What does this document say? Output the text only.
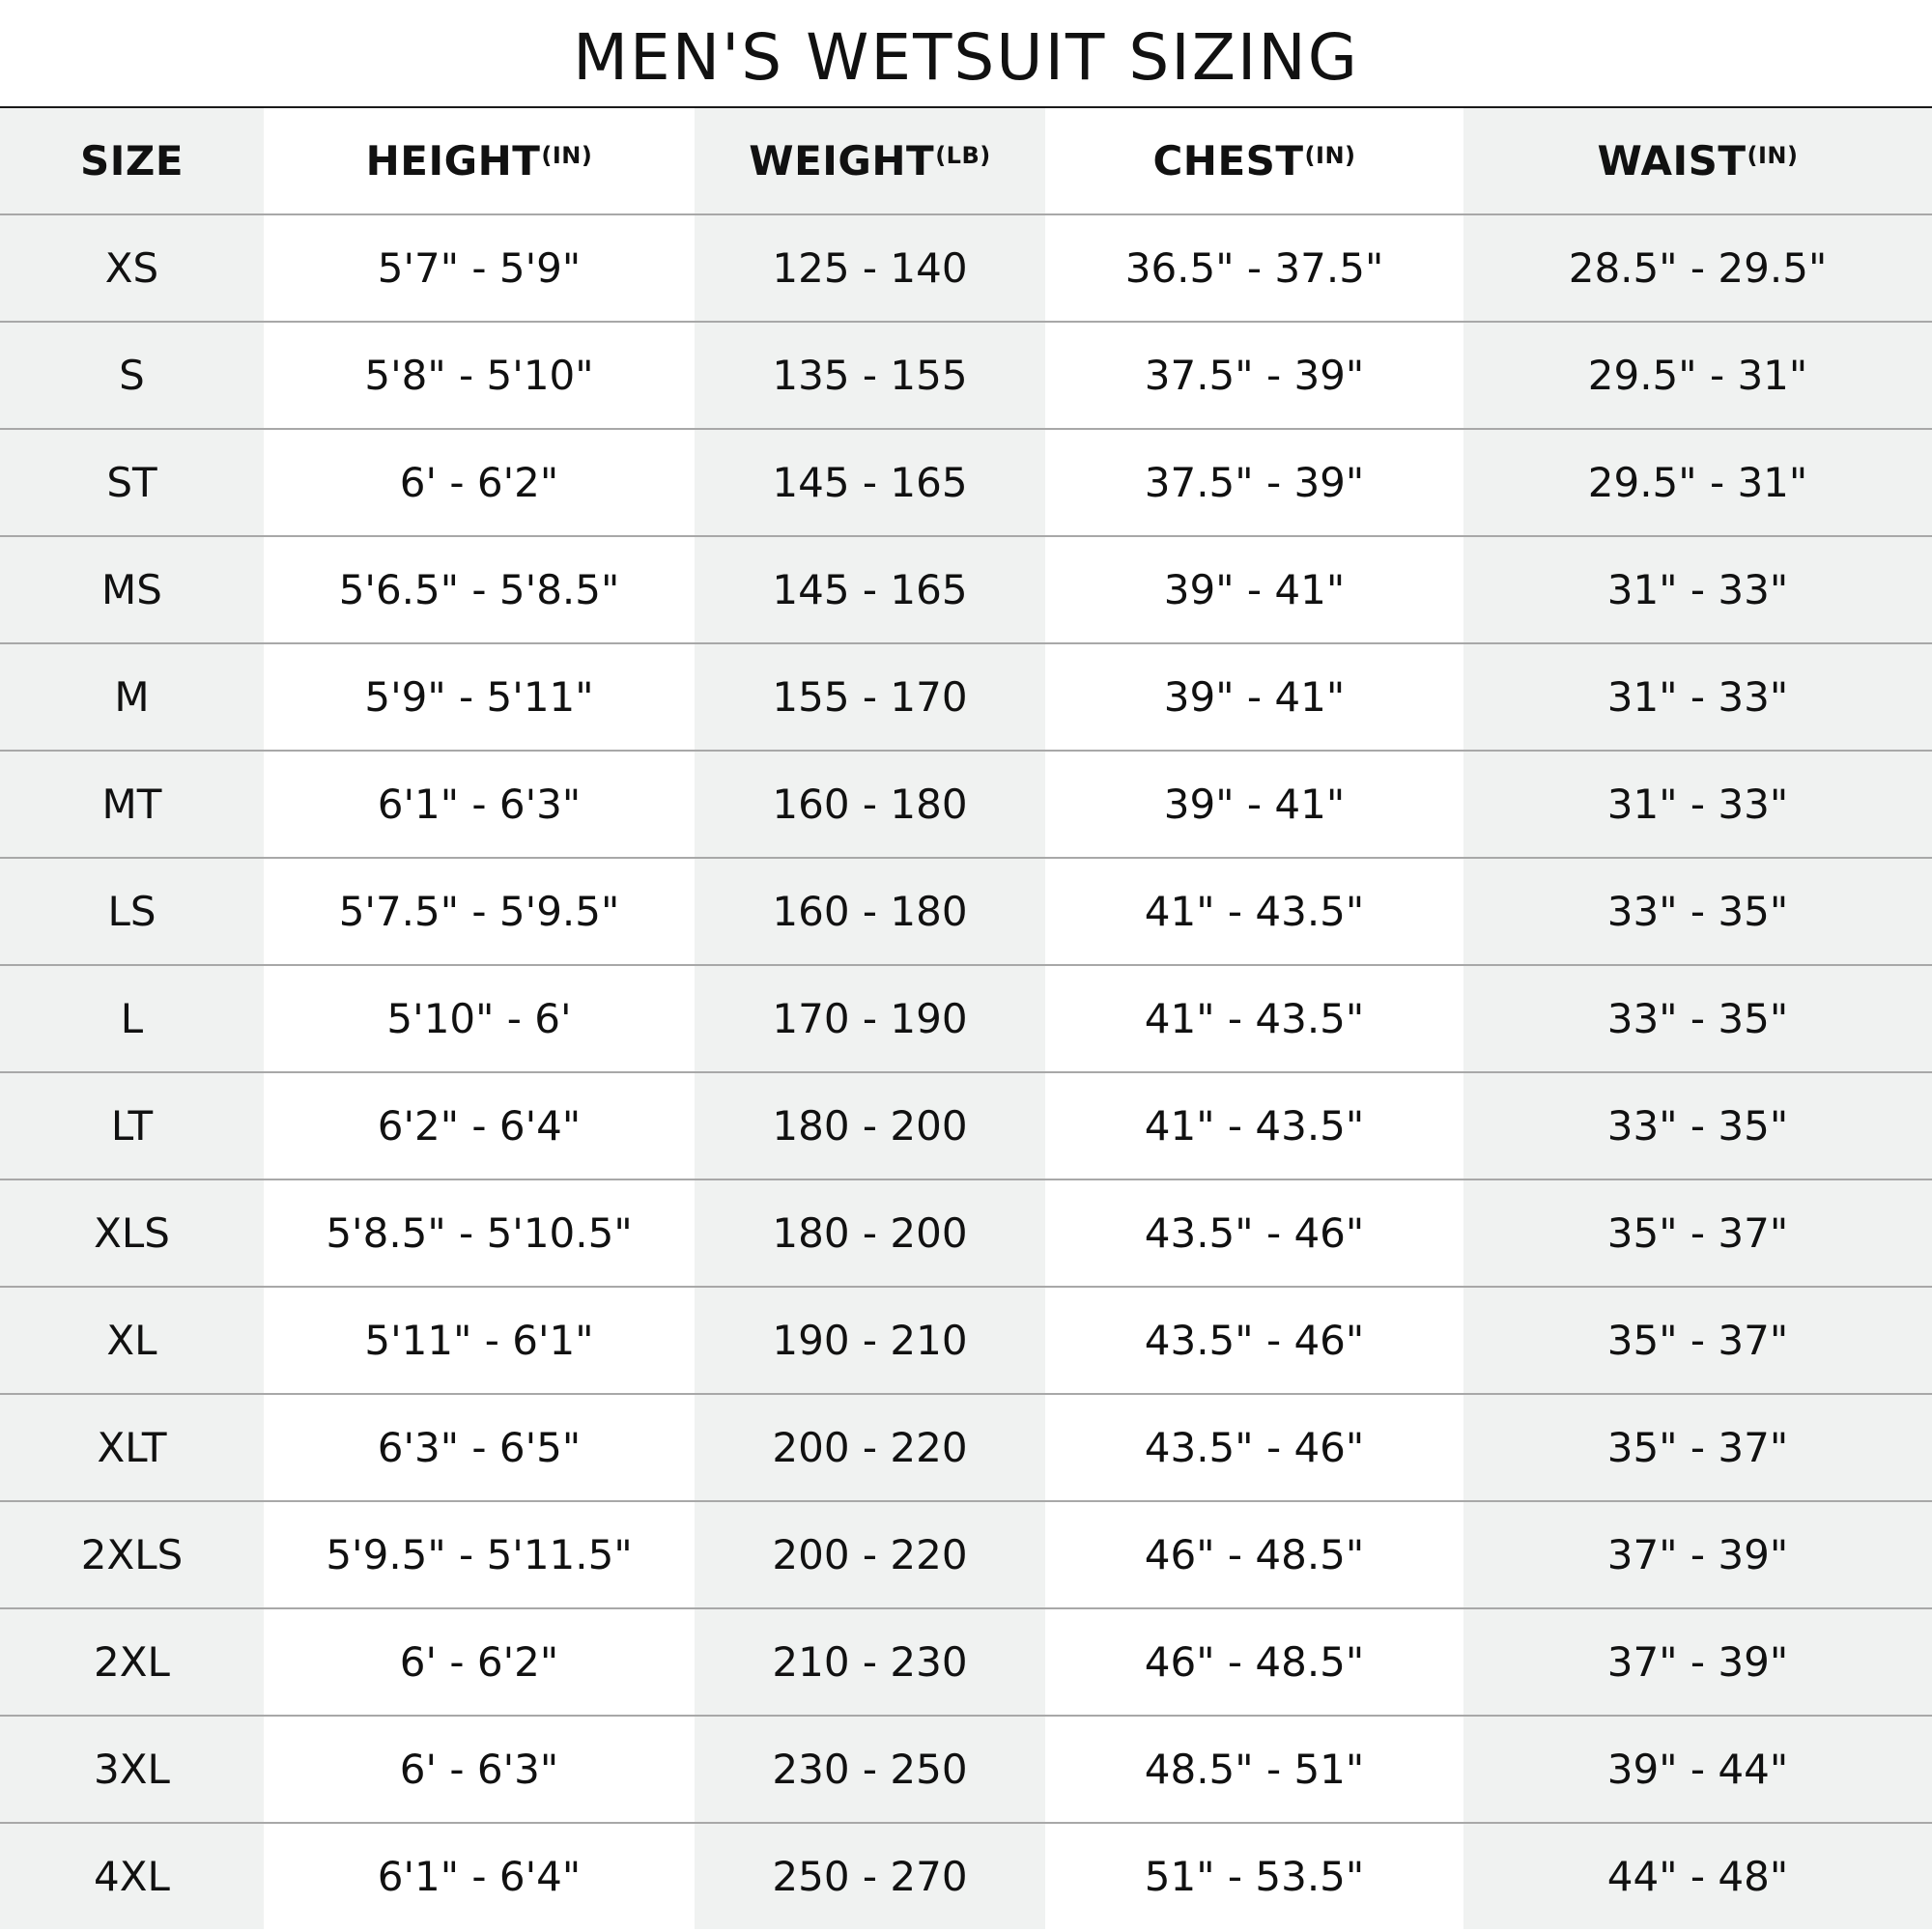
MEN'S WETSUIT SIZING
SIZE	$HEIGHT^{(IN)}$	$WEIGHT^{(LB)}$	$CHEST^{(IN)}$	$WAIST^{(IN)}$
XS	5'7" - 5'9"	125 - 140	36.5" - 37.5"	28.5" - 29.5"
S	5'8" - 5'10"	135 - 155	37.5" - 39"	29.5" - 31"
ST	6' - 6'2"	145 - 165	37.5" - 39"	29.5" - 31"
MS	5'6.5" - 5'8.5"	145 - 165	39" - 41"	31" - 33"
M	5'9" - 5'11"	155 - 170	39" - 41"	31" - 33"
MT	6'1" - 6'3"	160 - 180	39" - 41"	31" - 33"
LS	5'7.5" - 5'9.5"	160 - 180	41" - 43.5"	33" - 35"
L	5'10" - 6'	170 - 190	41" - 43.5"	33" - 35"
LT	6'2" - 6'4"	180 - 200	41" - 43.5"	33" - 35"
XLS	5'8.5" - 5'10.5"	180 - 200	43.5" - 46"	35" - 37"
XL	5'11" - 6'1"	190 - 210	43.5" - 46"	35" - 37"
XLT	6'3" - 6'5"	200 - 220	43.5" - 46"	35" - 37"
2XLS	5'9.5" - 5'11.5"	200 - 220	46" - 48.5"	37" - 39"
2XL	6' - 6'2"	210 - 230	46" - 48.5"	37" - 39"
3XL	6' - 6'3"	230 - 250	48.5" - 51"	39" - 44"
4XL	6'1" - 6'4"	250 - 270	51" - 53.5"	44" - 48"
